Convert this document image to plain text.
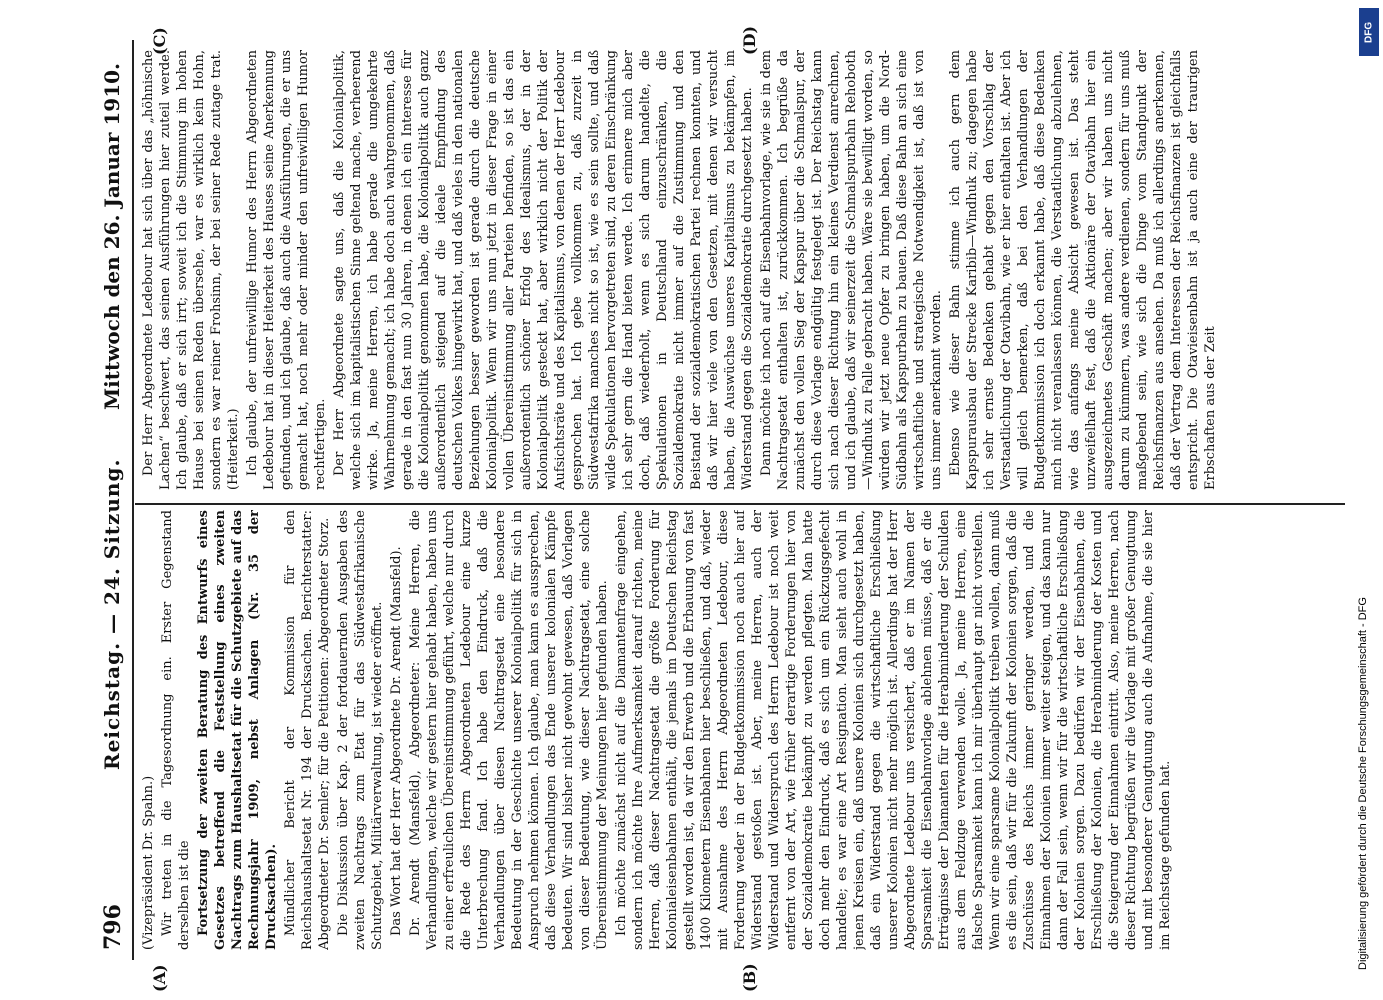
796
Reichstag. — 24. Sitzung.
Mittwoch den 26. Januar 1910.
(A)	(B)
(C)	(D)

(Vizepräsident Dr. Spahn.) Wir treten in die Tagesordnung ein. Erster Gegenstand derselben ist die Fortsetzung der zweiten Beratung des Entwurfs eines Gesetzes betreffend die Feststellung eines zweiten Nachtrags zum Haushaltsetat für die Schutzgebiete auf das Rechnungsjahr 1909, nebst Anlagen (Nr. 35 der Drucksachen). Mündlicher Bericht der Kommission für den Reichshaushaltsetat Nr. 194 der Drucksachen. Berichterstatter: Abgeordneter Dr. Semler; für die Petitionen: Abgeordneter Storz. Die Diskussion über Kap. 2 der fortdauernden Ausgaben des zweiten Nachtrags zum Etat für das Südwestafrikanische Schutzgebiet, Militärverwaltung, ist wieder eröffnet. Das Wort hat der Herr Abgeordnete Dr. Arendt (Mansfeld). Dr. Arendt (Mansfeld), Abgeordneter: Meine Herren, die Verhandlungen, welche wir gestern hier gehabt haben, haben uns zu einer erfreulichen Übereinstimmung geführt, welche nur durch die Rede des Herrn Abgeordneten Ledebour eine kurze Unterbrechung fand. Ich habe den Eindruck, daß die Verhandlungen über diesen Nachtragsetat eine besondere Bedeutung in der Geschichte unserer Kolonialpolitik für sich in Anspruch nehmen können. Ich glaube, man kann es aussprechen, daß diese Verhandlungen das Ende unserer kolonialen Kämpfe bedeuten. Wir sind bisher nicht gewohnt gewesen, daß Vorlagen von dieser Bedeutung, wie dieser Nachtragsetat, eine solche Übereinstimmung der Meinungen hier gefunden haben. Ich möchte zunächst nicht auf die Diamantenfrage eingehen, sondern ich möchte Ihre Aufmerksamkeit darauf richten, meine Herren, daß dieser Nachtragsetat die größte Forderung für Kolonialeisenbahnen enthält, die jemals im Deutschen Reichstag gestellt worden ist, da wir den Erwerb und die Erbauung von fast 1400 Kilometern Eisenbahnen hier beschließen, und daß, wieder mit Ausnahme des Herrn Abgeordneten Ledebour, diese Forderung weder in der Budgetkommission noch auch hier auf Widerstand gestoßen ist. Aber, meine Herren, auch der Widerstand und Widerspruch des Herrn Ledebour ist noch weit entfernt von der Art, wie früher derartige Forderungen hier von der Sozialdemokratie bekämpft zu werden pflegten. Man hatte doch mehr den Eindruck, daß es sich um ein Rückzugsgefecht handelte; es war eine Art Resignation. Man sieht auch wohl in jenen Kreisen ein, daß unsere Kolonien sich durchgesetzt haben, daß ein Widerstand gegen die wirtschaftliche Erschließung unserer Kolonien nicht mehr möglich ist. Allerdings hat der Herr Abgeordnete Ledebour uns versichert, daß er im Namen der Sparsamkeit die Eisenbahnvorlage ablehnen müsse, daß er die Erträgnisse der Diamanten für die Herabminderung der Schulden aus dem Feldzuge verwenden wolle. Ja, meine Herren, eine falsche Sparsamkeit kann ich mir überhaupt gar nicht vorstellen. Wenn wir eine sparsame Kolonialpolitik treiben wollen, dann muß es die sein, daß wir für die Zukunft der Kolonien sorgen, daß die Zuschüsse des Reichs immer geringer werden, und die Einnahmen der Kolonien immer weiter steigen, und das kann nur dann der Fall sein, wenn wir für die wirtschaftliche Erschließung der Kolonien sorgen. Dazu bedürfen wir der Eisenbahnen, die Erschließung der Kolonien, die Herabminderung der Kosten und die Steigerung der Einnahmen eintritt. Also, meine Herren, nach dieser Richtung begrüßen wir die Vorlage mit großer Genugtuung und mit besonderer Genugtuung auch die Aufnahme, die sie hier im Reichstage gefunden hat.

Der Herr Abgeordnete Ledebour hat sich über das „höhnische Lachen“ beschwert, das seinen Ausführungen hier zuteil werde. Ich glaube, daß er sich irrt; soweit ich die Stimmung im hohen Hause bei seinen Reden übersehe, war es wirklich kein Hohn, sondern es war reiner Frohsinn, der bei seiner Rede zutage trat. (Heiterkeit.) Ich glaube, der unfreiwillige Humor des Herrn Abgeordneten Ledebour hat in dieser Heiterkeit des Hauses seine Anerkennung gefunden, und ich glaube, daß auch die Ausführungen, die er uns gemacht hat, noch mehr oder minder den unfreiwilligen Humor rechtfertigen. Der Herr Abgeordnete sagte uns, daß die Kolonialpolitik, welche sich im kapitalistischen Sinne geltend mache, verheerend wirke. Ja, meine Herren, ich habe gerade die umgekehrte Wahrnehmung gemacht; ich habe doch auch wahrgenommen, daß gerade in den fast nun 30 Jahren, in denen ich ein Interesse für die Kolonialpolitik genommen habe, die Kolonialpolitik auch ganz außerordentlich steigend auf die ideale Empfindung des deutschen Volkes hingewirkt hat, und daß vieles in den nationalen Beziehungen besser geworden ist gerade durch die deutsche Kolonialpolitik. Wenn wir uns nun jetzt in dieser Frage in einer vollen Übereinstimmung aller Parteien befinden, so ist das ein außerordentlich schöner Erfolg des Idealismus, der in der Kolonialpolitik gesteckt hat, aber wirklich nicht der Politik der Aufsichtsräte und des Kapitalismus, von denen der Herr Ledebour gesprochen hat. Ich gebe vollkommen zu, daß zurzeit in Südwestafrika manches nicht so ist, wie es sein sollte, und daß wilde Spekulationen hervorgetreten sind, zu deren Einschränkung ich sehr gern die Hand bieten werde. Ich erinnere mich aber doch, daß wiederholt, wenn es sich darum handelte, die Spekulationen in Deutschland einzuschränken, die Sozialdemokratie nicht immer auf die Zustimmung und den Beistand der sozialdemokratischen Partei rechnen konnten, und daß wir hier viele von den Gesetzen, mit denen wir versucht haben, die Auswüchse unseres Kapitalismus zu bekämpfen, im Widerstand gegen die Sozialdemokratie durchgesetzt haben. Dann möchte ich noch auf die Eisenbahnvorlage, wie sie in dem Nachtragsetat enthalten ist, zurückkommen. Ich begrüße da zunächst den vollen Sieg der Kapspur über die Schmalspur, der durch diese Vorlage endgültig festgelegt ist. Der Reichstag kann sich nach dieser Richtung hin ein kleines Verdienst anrechnen, und ich glaube, daß wir seinerzeit die Schmalspurbahn Rehoboth—Windhuk zu Falle gebracht haben. Wäre sie bewilligt worden, so würden wir jetzt neue Opfer zu bringen haben, um die Nord-Südbahn als Kapspurbahn zu bauen. Daß diese Bahn an sich eine wirtschaftliche und strategische Notwendigkeit ist, daß ist von uns immer anerkannt worden. Ebenso wie dieser Bahn stimme ich auch gern dem Kapspurausbau der Strecke Karibib—Windhuk zu; dagegen habe ich sehr ernste Bedenken gehabt gegen den Vorschlag der Verstaatlichung der Otavibahn, wie er hier enthalten ist. Aber ich will gleich bemerken, daß bei den Verhandlungen der Budgetkommission ich doch erkannt habe, daß diese Bedenken mich nicht veranlassen können, die Verstaatlichung abzulehnen, wie das anfangs meine Absicht gewesen ist. Das steht unzweifelhaft fest, daß die Aktionäre der Otavibahn hier ein ausgezeichnetes Geschäft machen; aber wir haben uns nicht darum zu kümmern, was andere verdienen, sondern für uns muß maßgebend sein, wie sich die Dinge vom Standpunkt der Reichsfinanzen aus ansehen. Da muß ich allerdings anerkennen, daß der Vertrag dem Interessen der Reichsfinanzen ist gleichfalls entspricht. Die Otavieisenbahn ist ja auch eine der traurigen Erbschaften aus der Zeit

DFG
Digitalisierung gefördert durch die Deutsche Forschungsgemeinschaft - DFG
